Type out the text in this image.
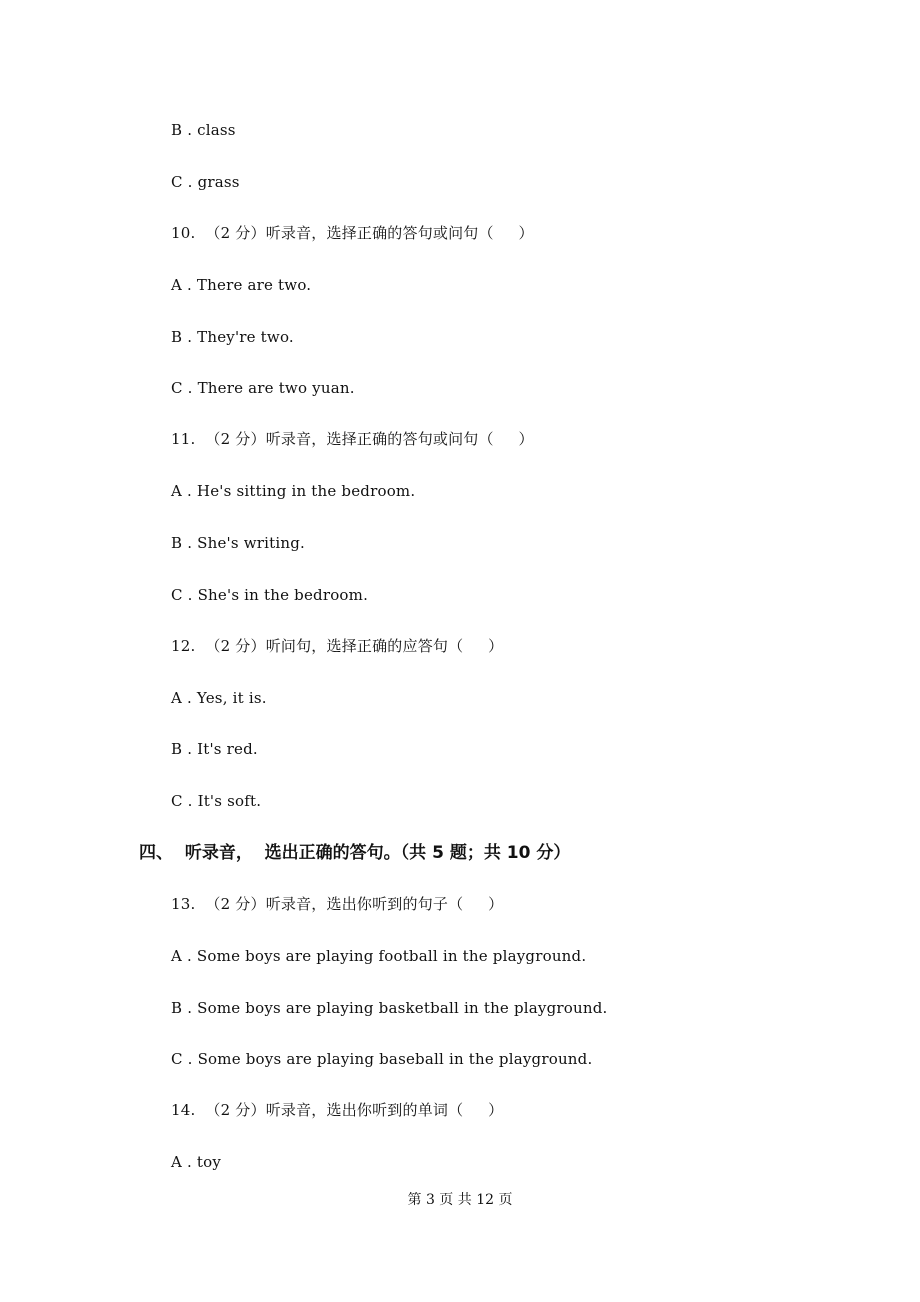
B . class
C . grass
10.  （2 分）听录音，选择正确的答句或问句（     ）
A . There are two.
B . They're two.
C . There are two yuan.
11.  （2 分）听录音，选择正确的答句或问句（     ）
A . He's sitting in the bedroom.
B . She's writing.
C . She's in the bedroom.
12.  （2 分）听问句，选择正确的应答句（     ）
A . Yes, it is.
B . It's red.
C . It's soft.
四、  听录音，  选出正确的答句。（共 5 题；共 10 分）
13.  （2 分）听录音，选出你听到的句子（     ）
A . Some boys are playing football in the playground.
B . Some boys are playing basketball in the playground.
C . Some boys are playing baseball in the playground.
14.  （2 分）听录音，选出你听到的单词（     ）
A . toy
第 3 页 共 12 页
